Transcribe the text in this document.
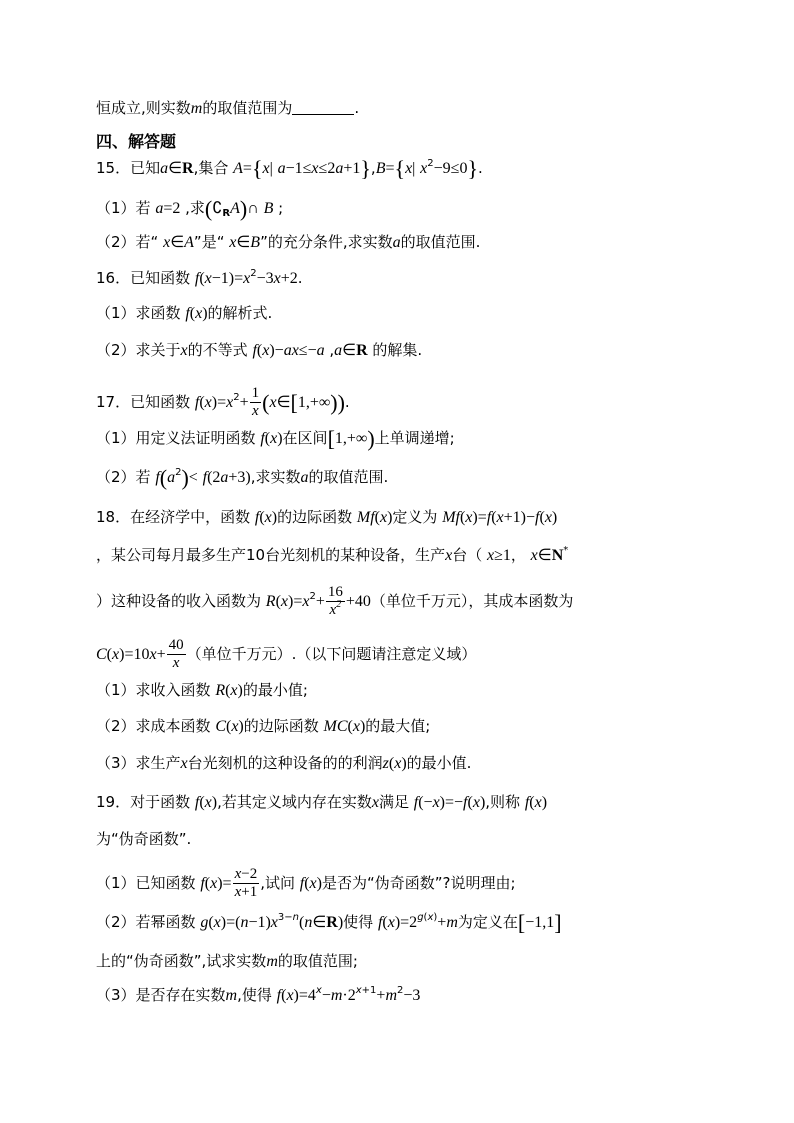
恒成立,则实数m的取值范围为	.
四、解答题
15．已知a∈R,集合 A={x| a−1≤x≤2a+1},B={x| $x^2-9\le 0$}.
（1）若 a=2 ,求$(∁_RA)\cap$ B ;
（2）若“ x∈A”是“ x∈B”的充分条件,求实数a的取值范围.
16．已知函数 $f(x-1)=x^2-3x+2$.
（1）求函数 f(x)的解析式.
（2）求关于x的不等式 f(x)−ax≤−a ,a∈R 的解集.
17．已知函数 $f(x)=x^2+ \frac{1}{x}$ (x∈[1,+∞)).
（1）用定义法证明函数 f(x)在区间[1,+∞)上单调递增;
（2）若 $f(a^2)< f(2a+3)$,求实数a的取值范围.
18．在经济学中，函数 f(x)的边际函数 Mf(x)定义为 Mf(x)=f(x+1)−f(x)
，某公司每月最多生产10台光刻机的某种设备，生产x台（ x≥1， x∈N*
）这种设备的收入函数为 $R(x)=x^2+ \frac{16}{x^2} +40$（单位千万元），其成本函数为
$C(x)=10x+ \frac{40}{x}$ （单位千万元）.（以下问题请注意定义域）
（1）求收入函数 R(x)的最小值;
（2）求成本函数 C(x)的边际函数 MC(x)的最大值;
（3）求生产x台光刻机的这种设备的的利润z(x)的最小值.
19．对于函数 f(x),若其定义域内存在实数x满足 f(−x)=−f(x),则称 f(x)
为“伪奇函数”.
（1）已知函数 $f(x)= \frac{x-2}{x+1}$ ,试问 f(x)是否为“伪奇函数”?说明理由;
（2）若幂函数 $g(x)=(n-1)x^{3-n}(n\in R)$使得 $f(x)=2^{g(x)}+m$为定义在[−1,1]
上的“伪奇函数”,试求实数m的取值范围;
（3）是否存在实数m,使得 $f(x)=4^x-m\cdot 2^{x+1}+m^2-3$
